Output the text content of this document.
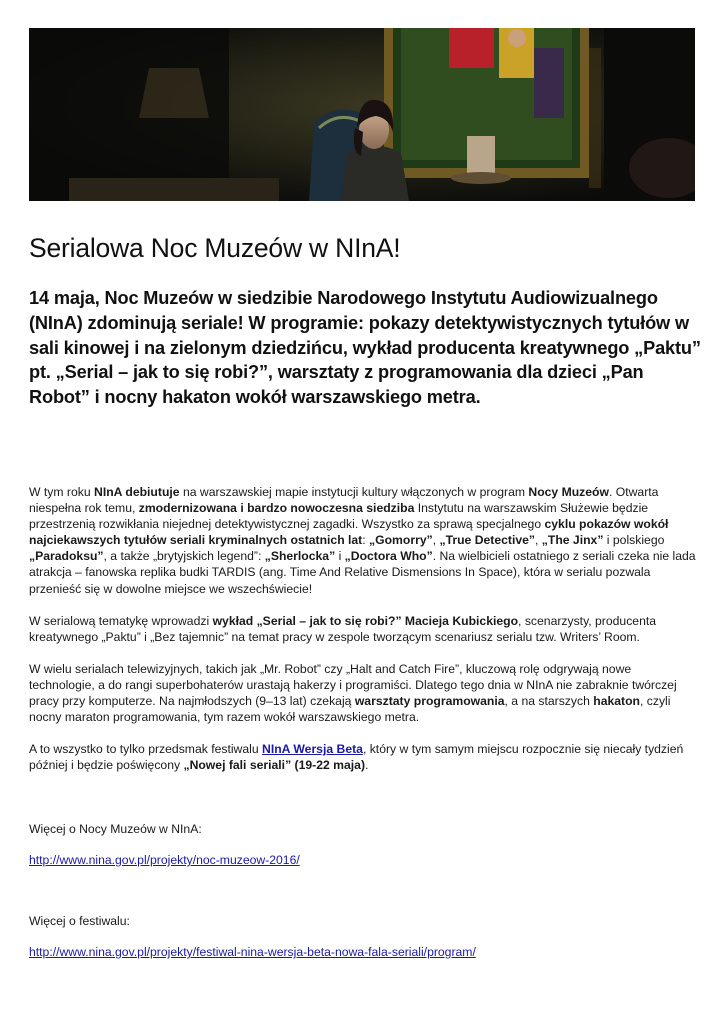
Serialowa Noc Muzeów w NInA!

14 maja, Noc Muzeów w siedzibie Narodowego Instytutu Audiowizualnego (NInA) zdominują seriale! W programie: pokazy detektywistycznych tytułów w sali kinowej i na zielonym dziedzińcu, wykład producenta kreatywnego „Paktu” pt. „Serial – jak to się robi?”, warsztaty z programowania dla dzieci „Pan Robot” i nocny hakaton wokół warszawskiego metra.

W tym roku NInA debiutuje na warszawskiej mapie instytucji kultury włączonych w program Nocy Muzeów. Otwarta niespełna rok temu, zmodernizowana i bardzo nowoczesna siedziba Instytutu na warszawskim Służewie będzie przestrzenią rozwikłania niejednej detektywistycznej zagadki. Wszystko za sprawą specjalnego cyklu pokazów wokół najciekawszych tytułów seriali kryminalnych ostatnich lat: „Gomorry”, „True Detective”, „The Jinx” i polskiego „Paradoksu”, a także „brytyjskich legend”: „Sherlocka” i „Doctora Who”. Na wielbicieli ostatniego z seriali czeka nie lada atrakcja – fanowska replika budki TARDIS (ang. Time And Relative Dismensions In Space), która w serialu pozwala przenieść się w dowolne miejsce we wszechświecie!

W serialową tematykę wprowadzi wykład „Serial – jak to się robi?” Macieja Kubickiego, scenarzysty, producenta kreatywnego „Paktu” i „Bez tajemnic” na temat pracy w zespole tworzącym scenariusz serialu tzw. Writers’ Room.

W wielu serialach telewizyjnych, takich jak „Mr. Robot” czy „Halt and Catch Fire”, kluczową rolę odgrywają nowe technologie, a do rangi superbohaterów urastają hakerzy i programiści. Dlatego tego dnia w NInA nie zabraknie twórczej pracy przy komputerze. Na najmłodszych (9–13 lat) czekają warsztaty programowania, a na starszych hakaton, czyli nocny maraton programowania, tym razem wokół warszawskiego metra.

A to wszystko to tylko przedsmak festiwalu NInA Wersja Beta, który w tym samym miejscu rozpocznie się niecały tydzień później i będzie poświęcony „Nowej fali seriali” (19-22 maja).

Więcej o Nocy Muzeów w NInA:
http://www.nina.gov.pl/projekty/noc-muzeow-2016/
Więcej o festiwalu:
http://www.nina.gov.pl/projekty/festiwal-nina-wersja-beta-nowa-fala-seriali/program/
